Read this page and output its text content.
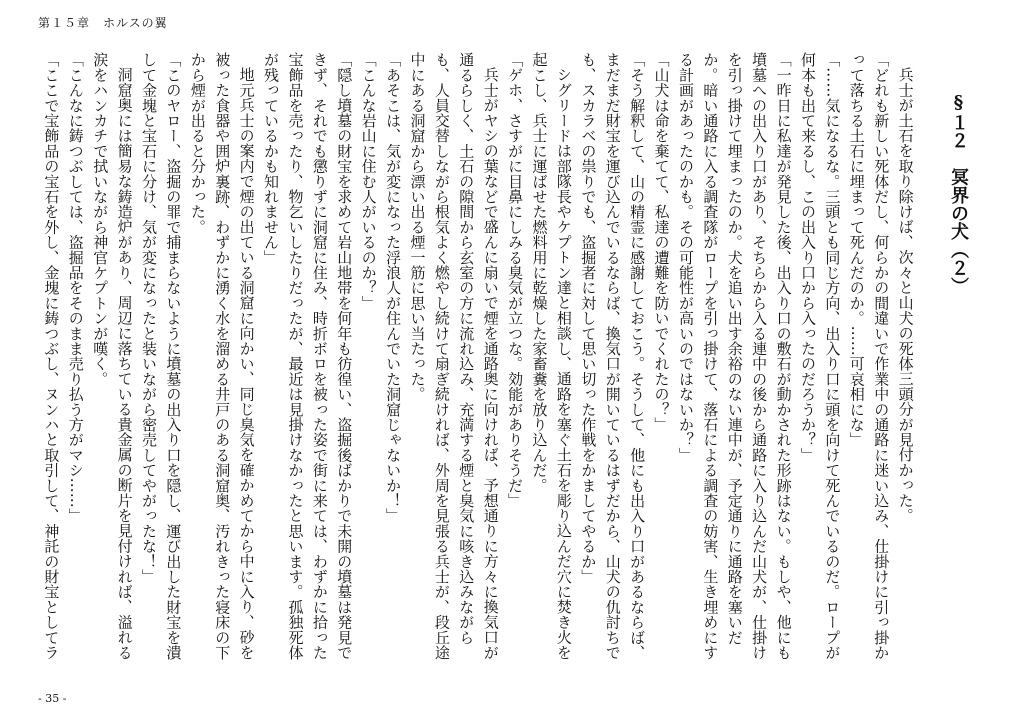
第１５章　ホルスの翼
§１２　冥界の犬（２）

兵士が土石を取り除けば、次々と山犬の死体三頭分が見付かった。

「どれも新しい死体だし、何らかの間違いで作業中の通路に迷い込み、仕掛けに引っ掛かって落ちる土石に埋まって死んだのか。……可哀相にな」

「……気になるな。三頭とも同じ方向、出入り口に頭を向けて死んでいるのだ。ロープが何本も出て来るし、この出入り口から入ったのだろうか？」

「一昨日に私達が発見した後、出入り口の敷石が動かされた形跡はない。もしや、他にも墳墓への出入り口があり、そちらから入る連中の後から通路に入り込んだ山犬が、仕掛けを引っ掛けて埋まったのか。犬を追い出す余裕のない連中が、予定通りに通路を塞いだか。暗い通路に入る調査隊がロープを引っ掛けて、落石による調査の妨害、生き埋めにする計画があったのかも。その可能性が高いのではないか？」

「山犬は命を棄てて、私達の遭難を防いでくれたの？」

「そう解釈して、山の精霊に感謝しておこう。そうして、他にも出入り口があるならば、まだまだ財宝を運び込んでいるならば、換気口が開いているはずだから、山犬の仇討ちでも、スカラベの祟りでも、盗掘者に対して思い切った作戦をかましてやるか」

シグリードは部隊長やケプトン達と相談し、通路を塞ぐ土石を彫り込んだ穴に焚き火を起こし、兵士に運ばせた燃料用に乾燥した家畜糞を放り込んだ。

「ゲホ、さすがに目鼻にしみる臭気が立つな。効能がありそうだ」

兵士がヤシの葉などで盛んに扇いで煙を通路奥に向ければ、予想通りに方々に換気口が通るらしく、土石の隙間から玄室の方に流れ込み、充満する煙と臭気に咳き込みながらも、人員交替しながら根気よく燃やし続けて扇ぎ続ければ、外周を見張る兵士が、段丘途中にある洞窟から漂い出る煙一筋に思い当たった。

「あそこは、気が変になった浮浪人が住んでいた洞窟じゃないか！」

「こんな岩山に住む人がいるのか？」

「隠し墳墓の財宝を求めて岩山地帯を何年も彷徨い、盗掘後ばかりで未開の墳墓は発見できず、それでも懲りずに洞窟に住み、時折ボロを被った姿で街に来ては、わずかに拾った宝飾品を売ったり、物乞いしたりだったが、最近は見掛けなかったと思います。孤独死体が残っているかも知れません」

地元兵士の案内で煙の出ている洞窟に向かい、同じ臭気を確かめてから中に入り、砂を被った食器や囲炉裏跡、わずかに湧く水を溜める井戸のある洞窟奥、汚れきった寝床の下から煙が出ると分かった。

「このヤロー、盗掘の罪で捕まらないように墳墓の出入り口を隠し、運び出した財宝を潰して金塊と宝石に分け、気が変になったと装いながら密売してやがったな！」

洞窟奥には簡易な鋳造炉があり、周辺に落ちている貴金属の断片を見付ければ、溢れる涙をハンカチで拭いながら神官ケプトンが嘆く。

「こんなに鋳つぶしては、盗掘品をそのまま売り払う方がマシ……」

「ここで宝飾品の宝石を外し、金塊に鋳つぶし、ヌンハと取引して、神託の財宝としてラ

- 35 -
